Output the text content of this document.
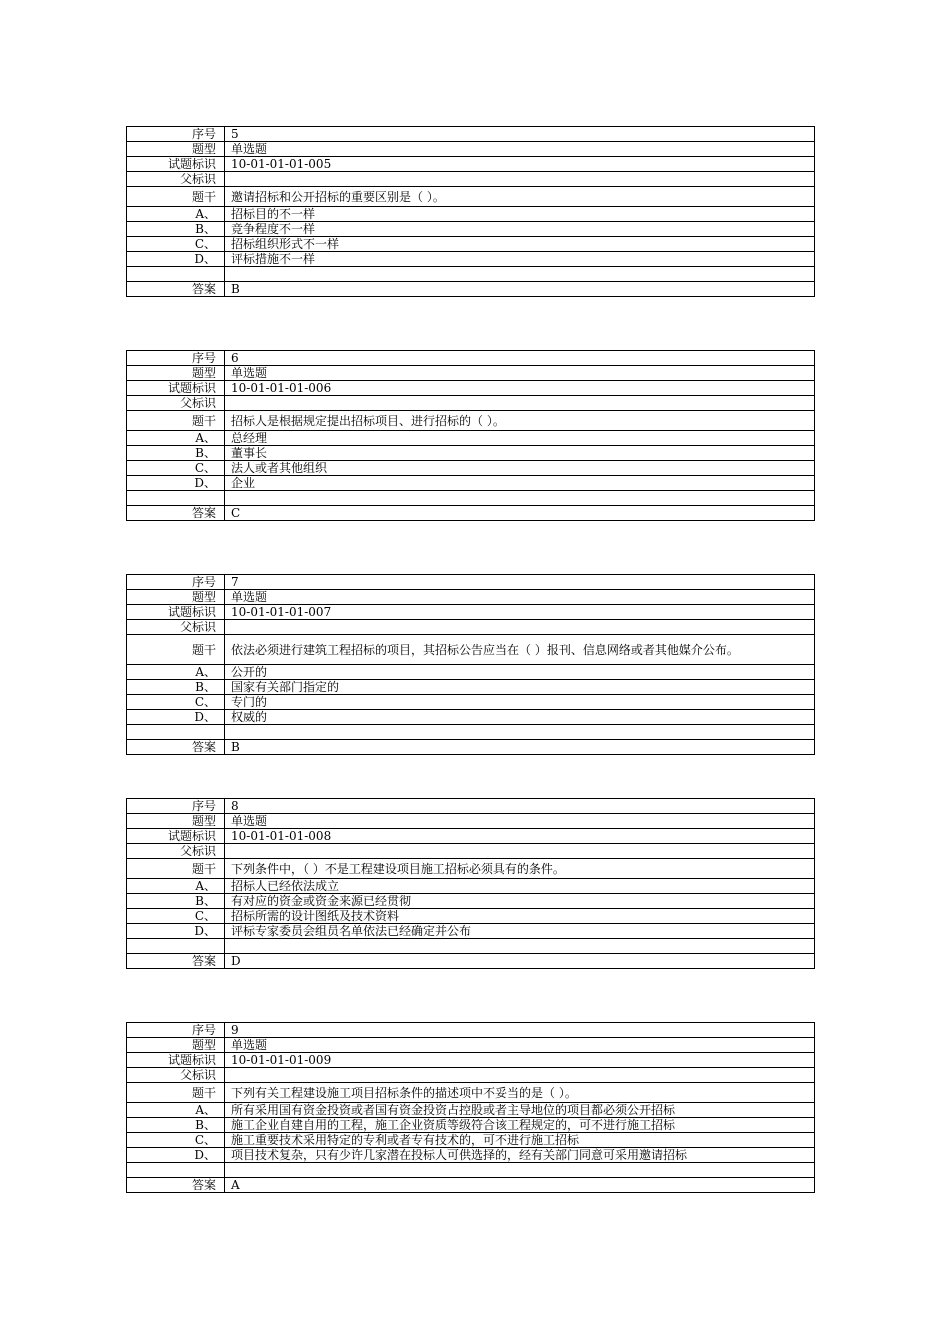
序号	5
题型	单选题
试题标识	10-01-01-01-005
父标识	
题干	邀请招标和公开招标的重要区别是（ ）。
A、	招标目的不一样
B、	竞争程度不一样
C、	招标组织形式不一样
D、	评标措施不一样

答案	B
序号	6
题型	单选题
试题标识	10-01-01-01-006
父标识	
题干	招标人是根据规定提出招标项目、进行招标的（ ）。
A、	总经理
B、	董事长
C、	法人或者其他组织
D、	企业

答案	C
序号	7
题型	单选题
试题标识	10-01-01-01-007
父标识	
题干	依法必须进行建筑工程招标的项目，其招标公告应当在（ ）报刊、信息网络或者其他媒介公布。
A、	公开的
B、	国家有关部门指定的
C、	专门的
D、	权威的

答案	B
序号	8
题型	单选题
试题标识	10-01-01-01-008
父标识	
题干	下列条件中，（ ）不是工程建设项目施工招标必须具有的条件。
A、	招标人已经依法成立
B、	有对应的资金或资金来源已经贯彻
C、	招标所需的设计图纸及技术资料
D、	评标专家委员会组员名单依法已经确定并公布

答案	D
序号	9
题型	单选题
试题标识	10-01-01-01-009
父标识	
题干	下列有关工程建设施工项目招标条件的描述项中不妥当的是（ ）。
A、	所有采用国有资金投资或者国有资金投资占控股或者主导地位的项目都必须公开招标
B、	施工企业自建自用的工程，施工企业资质等级符合该工程规定的，可不进行施工招标
C、	施工重要技术采用特定的专利或者专有技术的，可不进行施工招标
D、	项目技术复杂，只有少许几家潜在投标人可供选择的，经有关部门同意可采用邀请招标

答案	A
